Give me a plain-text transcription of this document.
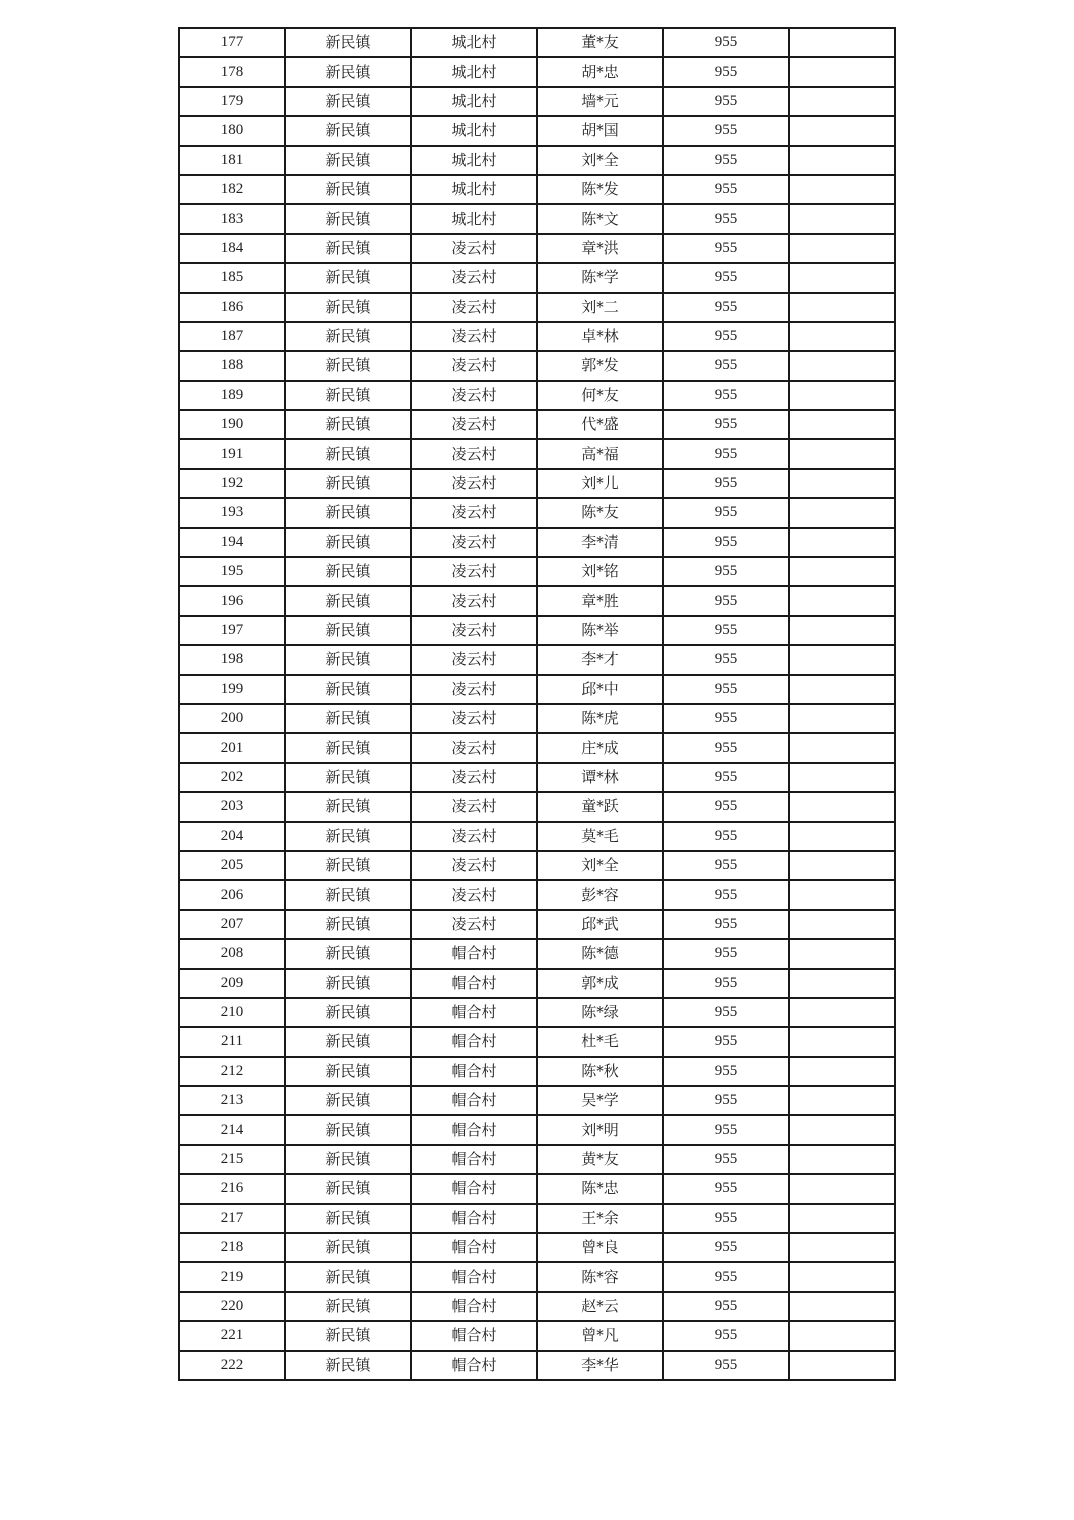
177	新民镇	城北村	董*友	955	
178	新民镇	城北村	胡*忠	955	
179	新民镇	城北村	墙*元	955	
180	新民镇	城北村	胡*国	955	
181	新民镇	城北村	刘*全	955	
182	新民镇	城北村	陈*发	955	
183	新民镇	城北村	陈*文	955	
184	新民镇	凌云村	章*洪	955	
185	新民镇	凌云村	陈*学	955	
186	新民镇	凌云村	刘*二	955	
187	新民镇	凌云村	卓*林	955	
188	新民镇	凌云村	郭*发	955	
189	新民镇	凌云村	何*友	955	
190	新民镇	凌云村	代*盛	955	
191	新民镇	凌云村	高*福	955	
192	新民镇	凌云村	刘*儿	955	
193	新民镇	凌云村	陈*友	955	
194	新民镇	凌云村	李*清	955	
195	新民镇	凌云村	刘*铭	955	
196	新民镇	凌云村	章*胜	955	
197	新民镇	凌云村	陈*举	955	
198	新民镇	凌云村	李*才	955	
199	新民镇	凌云村	邱*中	955	
200	新民镇	凌云村	陈*虎	955	
201	新民镇	凌云村	庄*成	955	
202	新民镇	凌云村	谭*林	955	
203	新民镇	凌云村	童*跃	955	
204	新民镇	凌云村	莫*毛	955	
205	新民镇	凌云村	刘*全	955	
206	新民镇	凌云村	彭*容	955	
207	新民镇	凌云村	邱*武	955	
208	新民镇	帽合村	陈*德	955	
209	新民镇	帽合村	郭*成	955	
210	新民镇	帽合村	陈*绿	955	
211	新民镇	帽合村	杜*毛	955	
212	新民镇	帽合村	陈*秋	955	
213	新民镇	帽合村	吴*学	955	
214	新民镇	帽合村	刘*明	955	
215	新民镇	帽合村	黄*友	955	
216	新民镇	帽合村	陈*忠	955	
217	新民镇	帽合村	王*余	955	
218	新民镇	帽合村	曾*良	955	
219	新民镇	帽合村	陈*容	955	
220	新民镇	帽合村	赵*云	955	
221	新民镇	帽合村	曾*凡	955	
222	新民镇	帽合村	李*华	955	
